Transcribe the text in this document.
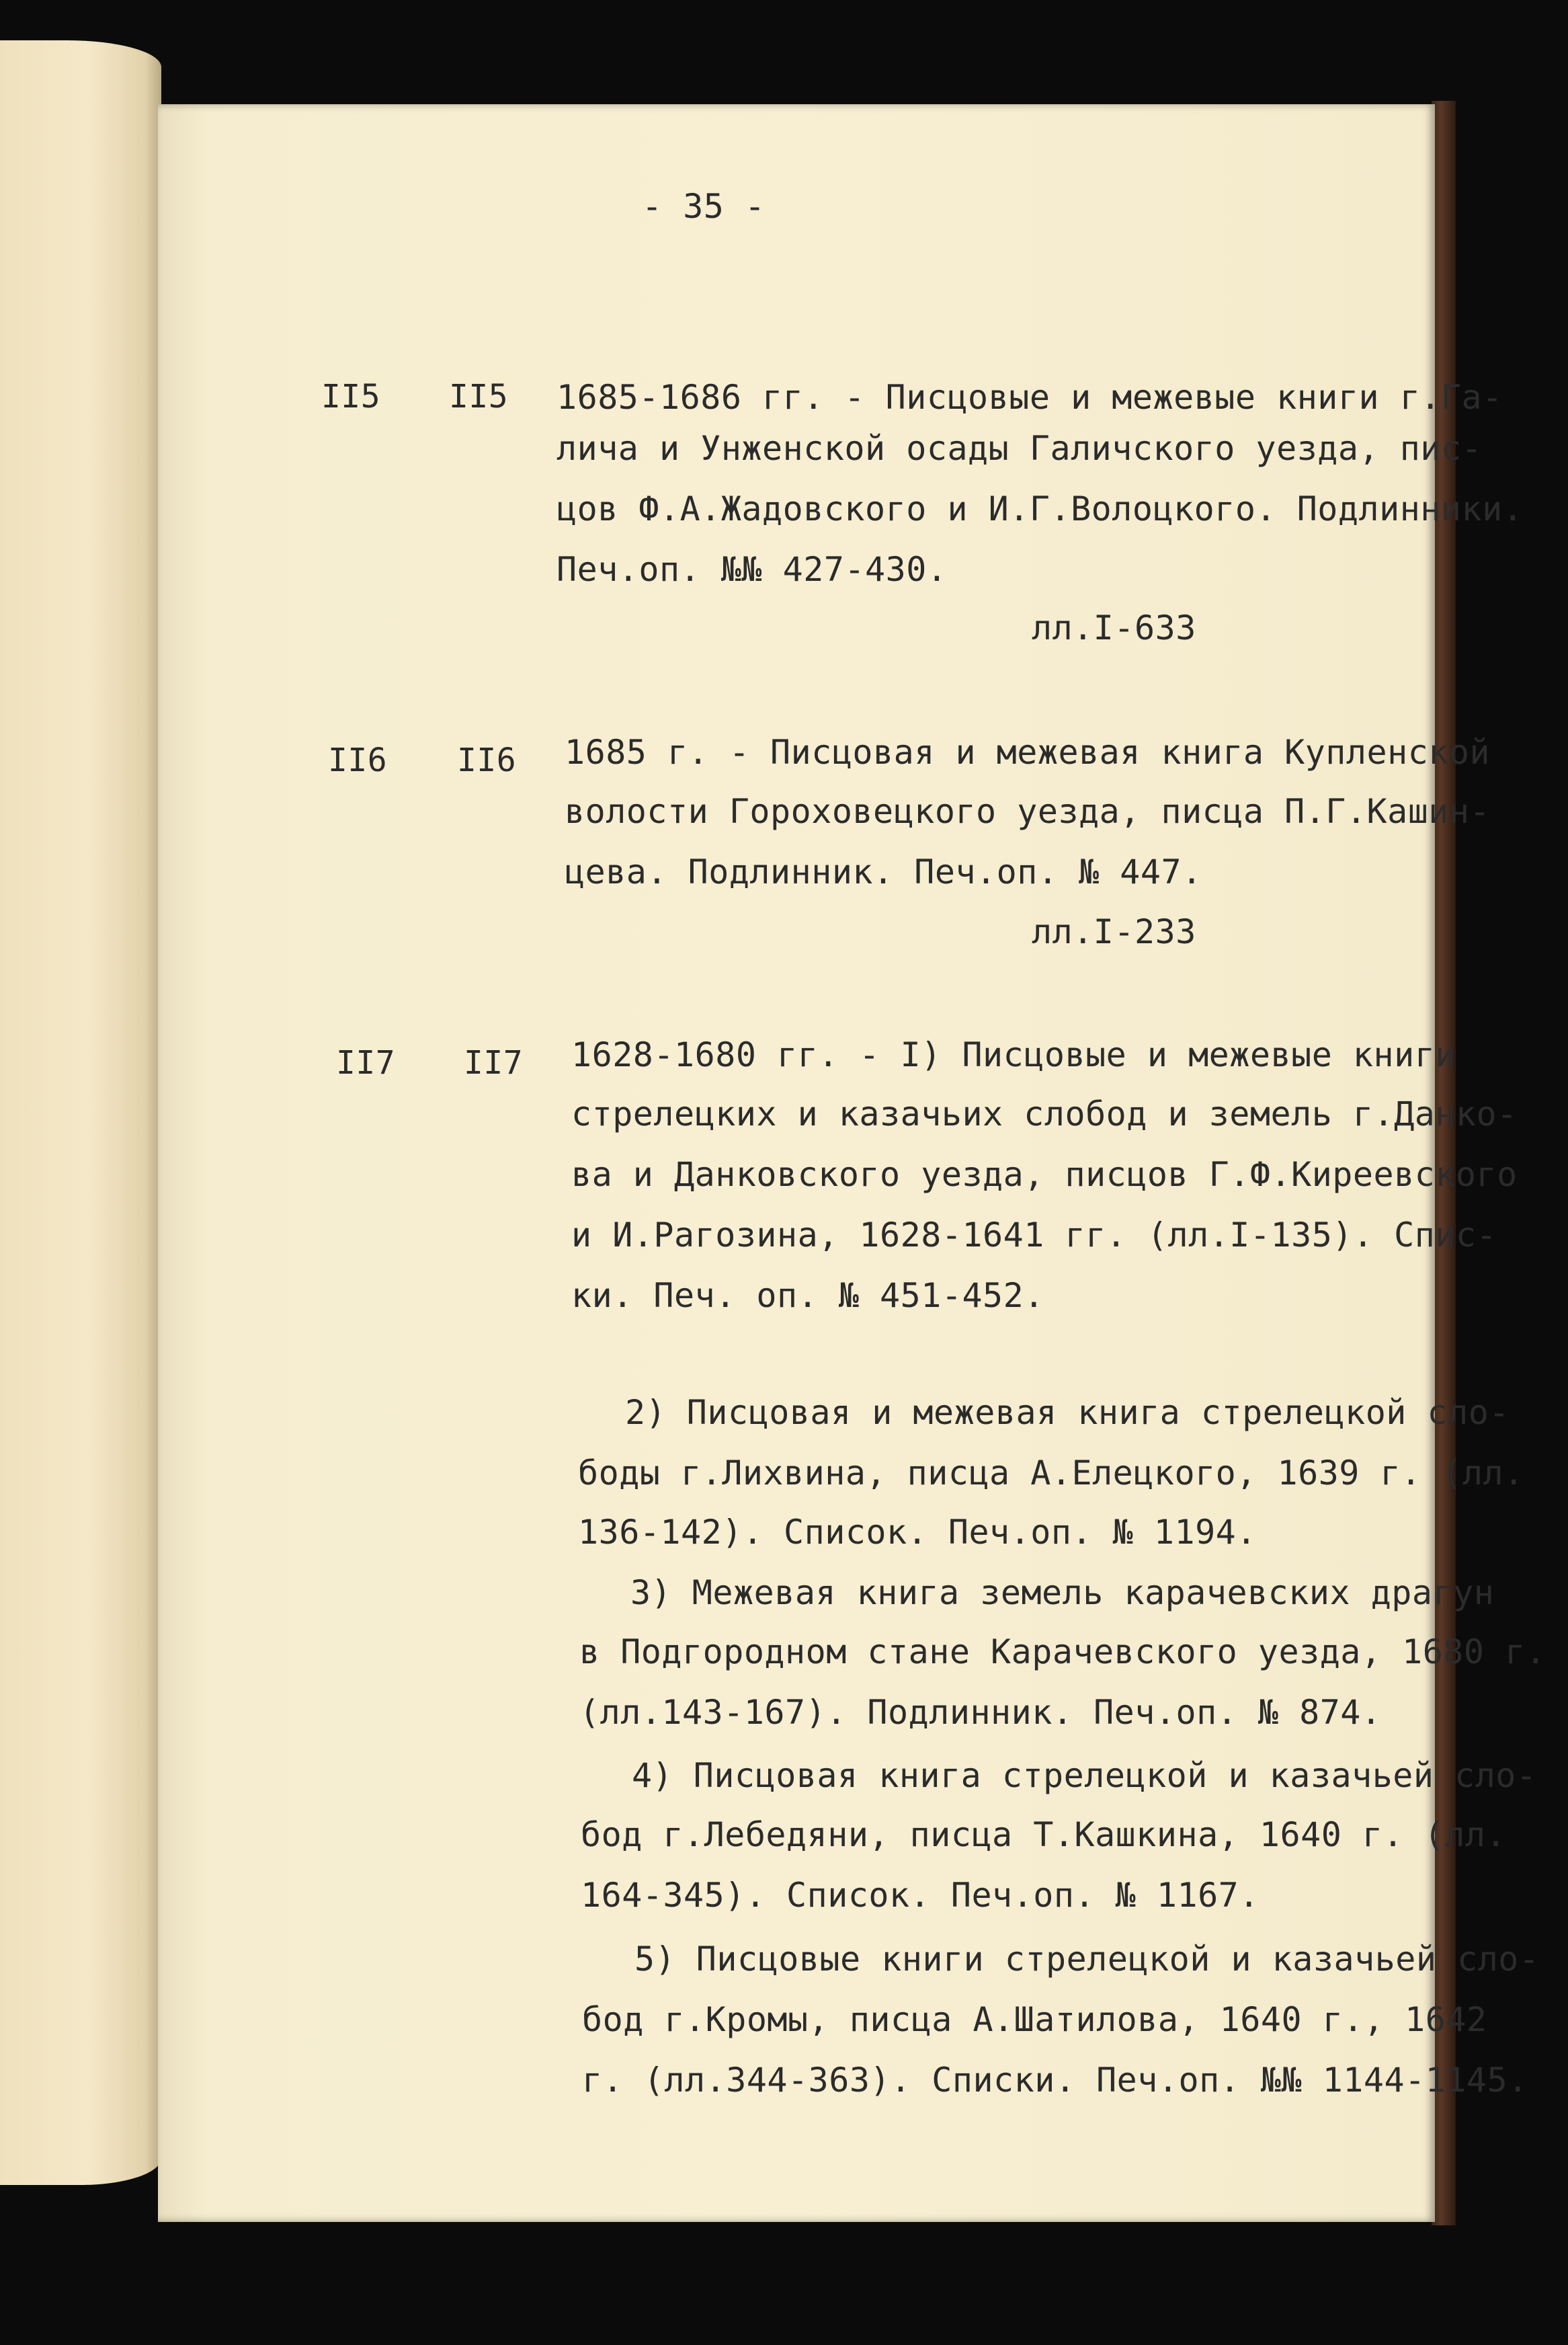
- 35 -
II5 II5 1685-1686 гг. - Писцовые и межевые книги г.Га-
лича и Унженской осады Галичского уезда, пис-
цов Ф.А.Жадовского и И.Г.Волоцкого. Подлинники.
Печ.оп. №№ 427-430.
лл.I-633
II6 II6 1685 г. - Писцовая и межевая книга Купленской
волости Гороховецкого уезда, писца П.Г.Кашин-
цева. Подлинник. Печ.оп. № 447.
лл.I-233
II7 II7 1628-1680 гг. - I) Писцовые и межевые книги
стрелецких и казачьих слобод и земель г.Данко-
ва и Данковского уезда, писцов Г.Ф.Киреевского
и И.Рагозина, 1628-1641 гг. (лл.I-135). Спис-
ки. Печ. оп. № 451-452.
2) Писцовая и межевая книга стрелецкой сло-
боды г.Лихвина, писца А.Елецкого, 1639 г. (лл.
136-142). Список. Печ.оп. № 1194.
3) Межевая книга земель карачевских драгун
в Подгородном стане Карачевского уезда, 1680 г.
(лл.143-167). Подлинник. Печ.оп. № 874.
4) Писцовая книга стрелецкой и казачьей сло-
бод г.Лебедяни, писца Т.Кашкина, 1640 г. (лл.
164-345). Список. Печ.оп. № 1167.
5) Писцовые книги стрелецкой и казачьей сло-
бод г.Кромы, писца А.Шатилова, 1640 г., 1642
г. (лл.344-363). Списки. Печ.оп. №№ 1144-1145.
